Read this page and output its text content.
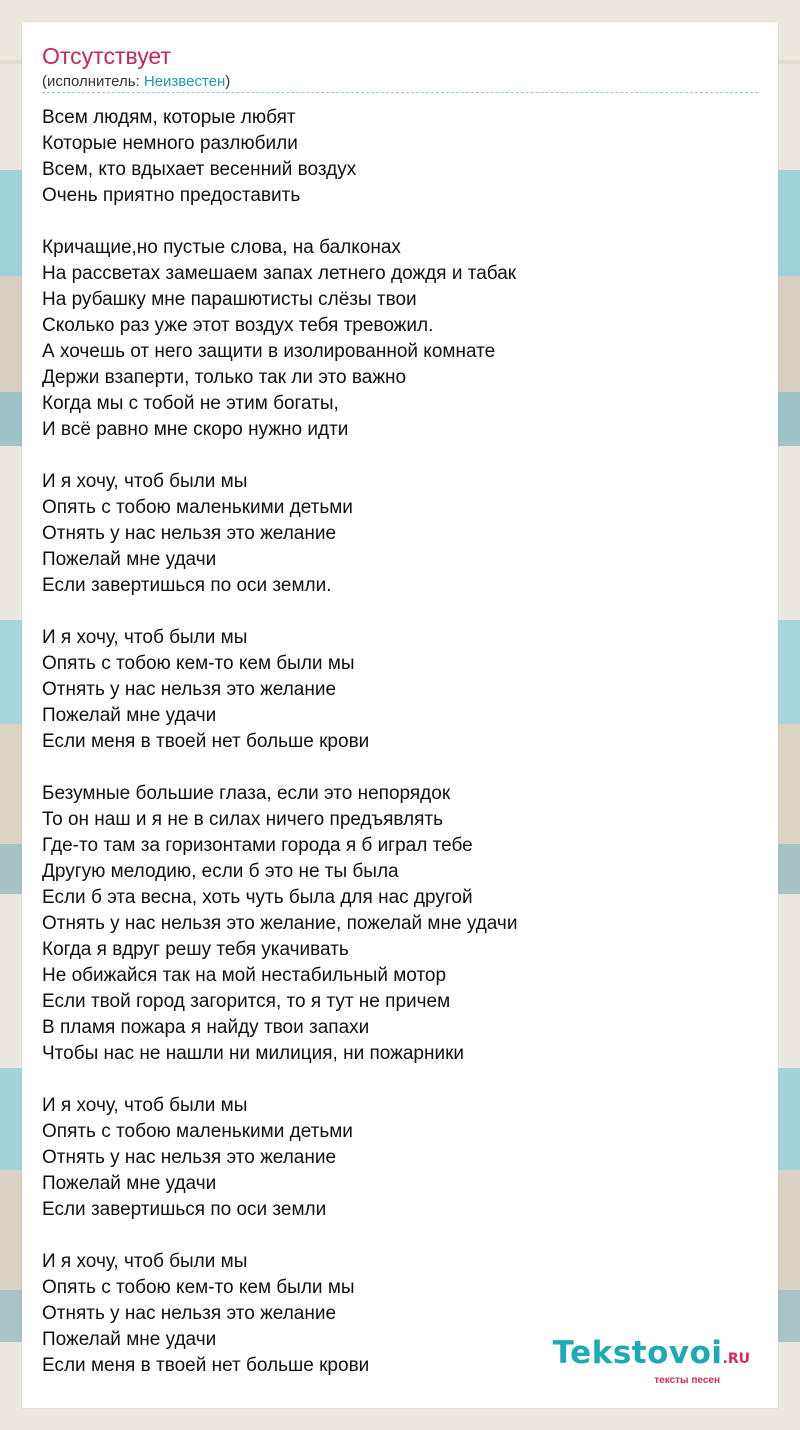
Отсутствует
(исполнитель: Неизвестен)
Всем людям, которые любят
Которые немного разлюбили
Всем, кто вдыхает весенний воздух
Очень приятно предоставить
Кричащие,но пустые слова, на балконах
На рассветах замешаем запах летнего дождя и табак
На рубашку мне парашютисты слёзы твои
Сколько раз уже этот воздух тебя тревожил.
А хочешь от него защити в изолированной комнате
Держи взаперти, только так ли это важно
Когда мы с тобой не этим богаты,
И всё равно мне скоро нужно идти
И я хочу, чтоб были мы
Опять с тобою маленькими детьми
Отнять у нас нельзя это желание
Пожелай мне удачи
Если завертишься по оси земли.
И я хочу, чтоб были мы
Опять с тобою кем-то кем были мы
Отнять у нас нельзя это желание
Пожелай мне удачи
Если меня в твоей нет больше крови
Безумные большие глаза, если это непорядок
То он наш и я не в силах ничего предъявлять
Где-то там за горизонтами города я б играл тебе
Другую мелодию, если б это не ты была
Если б эта весна, хоть чуть была для нас другой
Отнять у нас нельзя это желание, пожелай мне удачи
Когда я вдруг решу тебя укачивать
Не обижайся так на мой нестабильный мотор
Если твой город загорится, то я тут не причем
В пламя пожара я найду твои запахи
Чтобы нас не нашли ни милиция, ни пожарники
И я хочу, чтоб были мы
Опять с тобою маленькими детьми
Отнять у нас нельзя это желание
Пожелай мне удачи
Если завертишься по оси земли
И я хочу, чтоб были мы
Опять с тобою кем-то кем были мы
Отнять у нас нельзя это желание
Пожелай мне удачи
Если меня в твоей нет больше крови	Tekstovoi.RU
тексты песен
